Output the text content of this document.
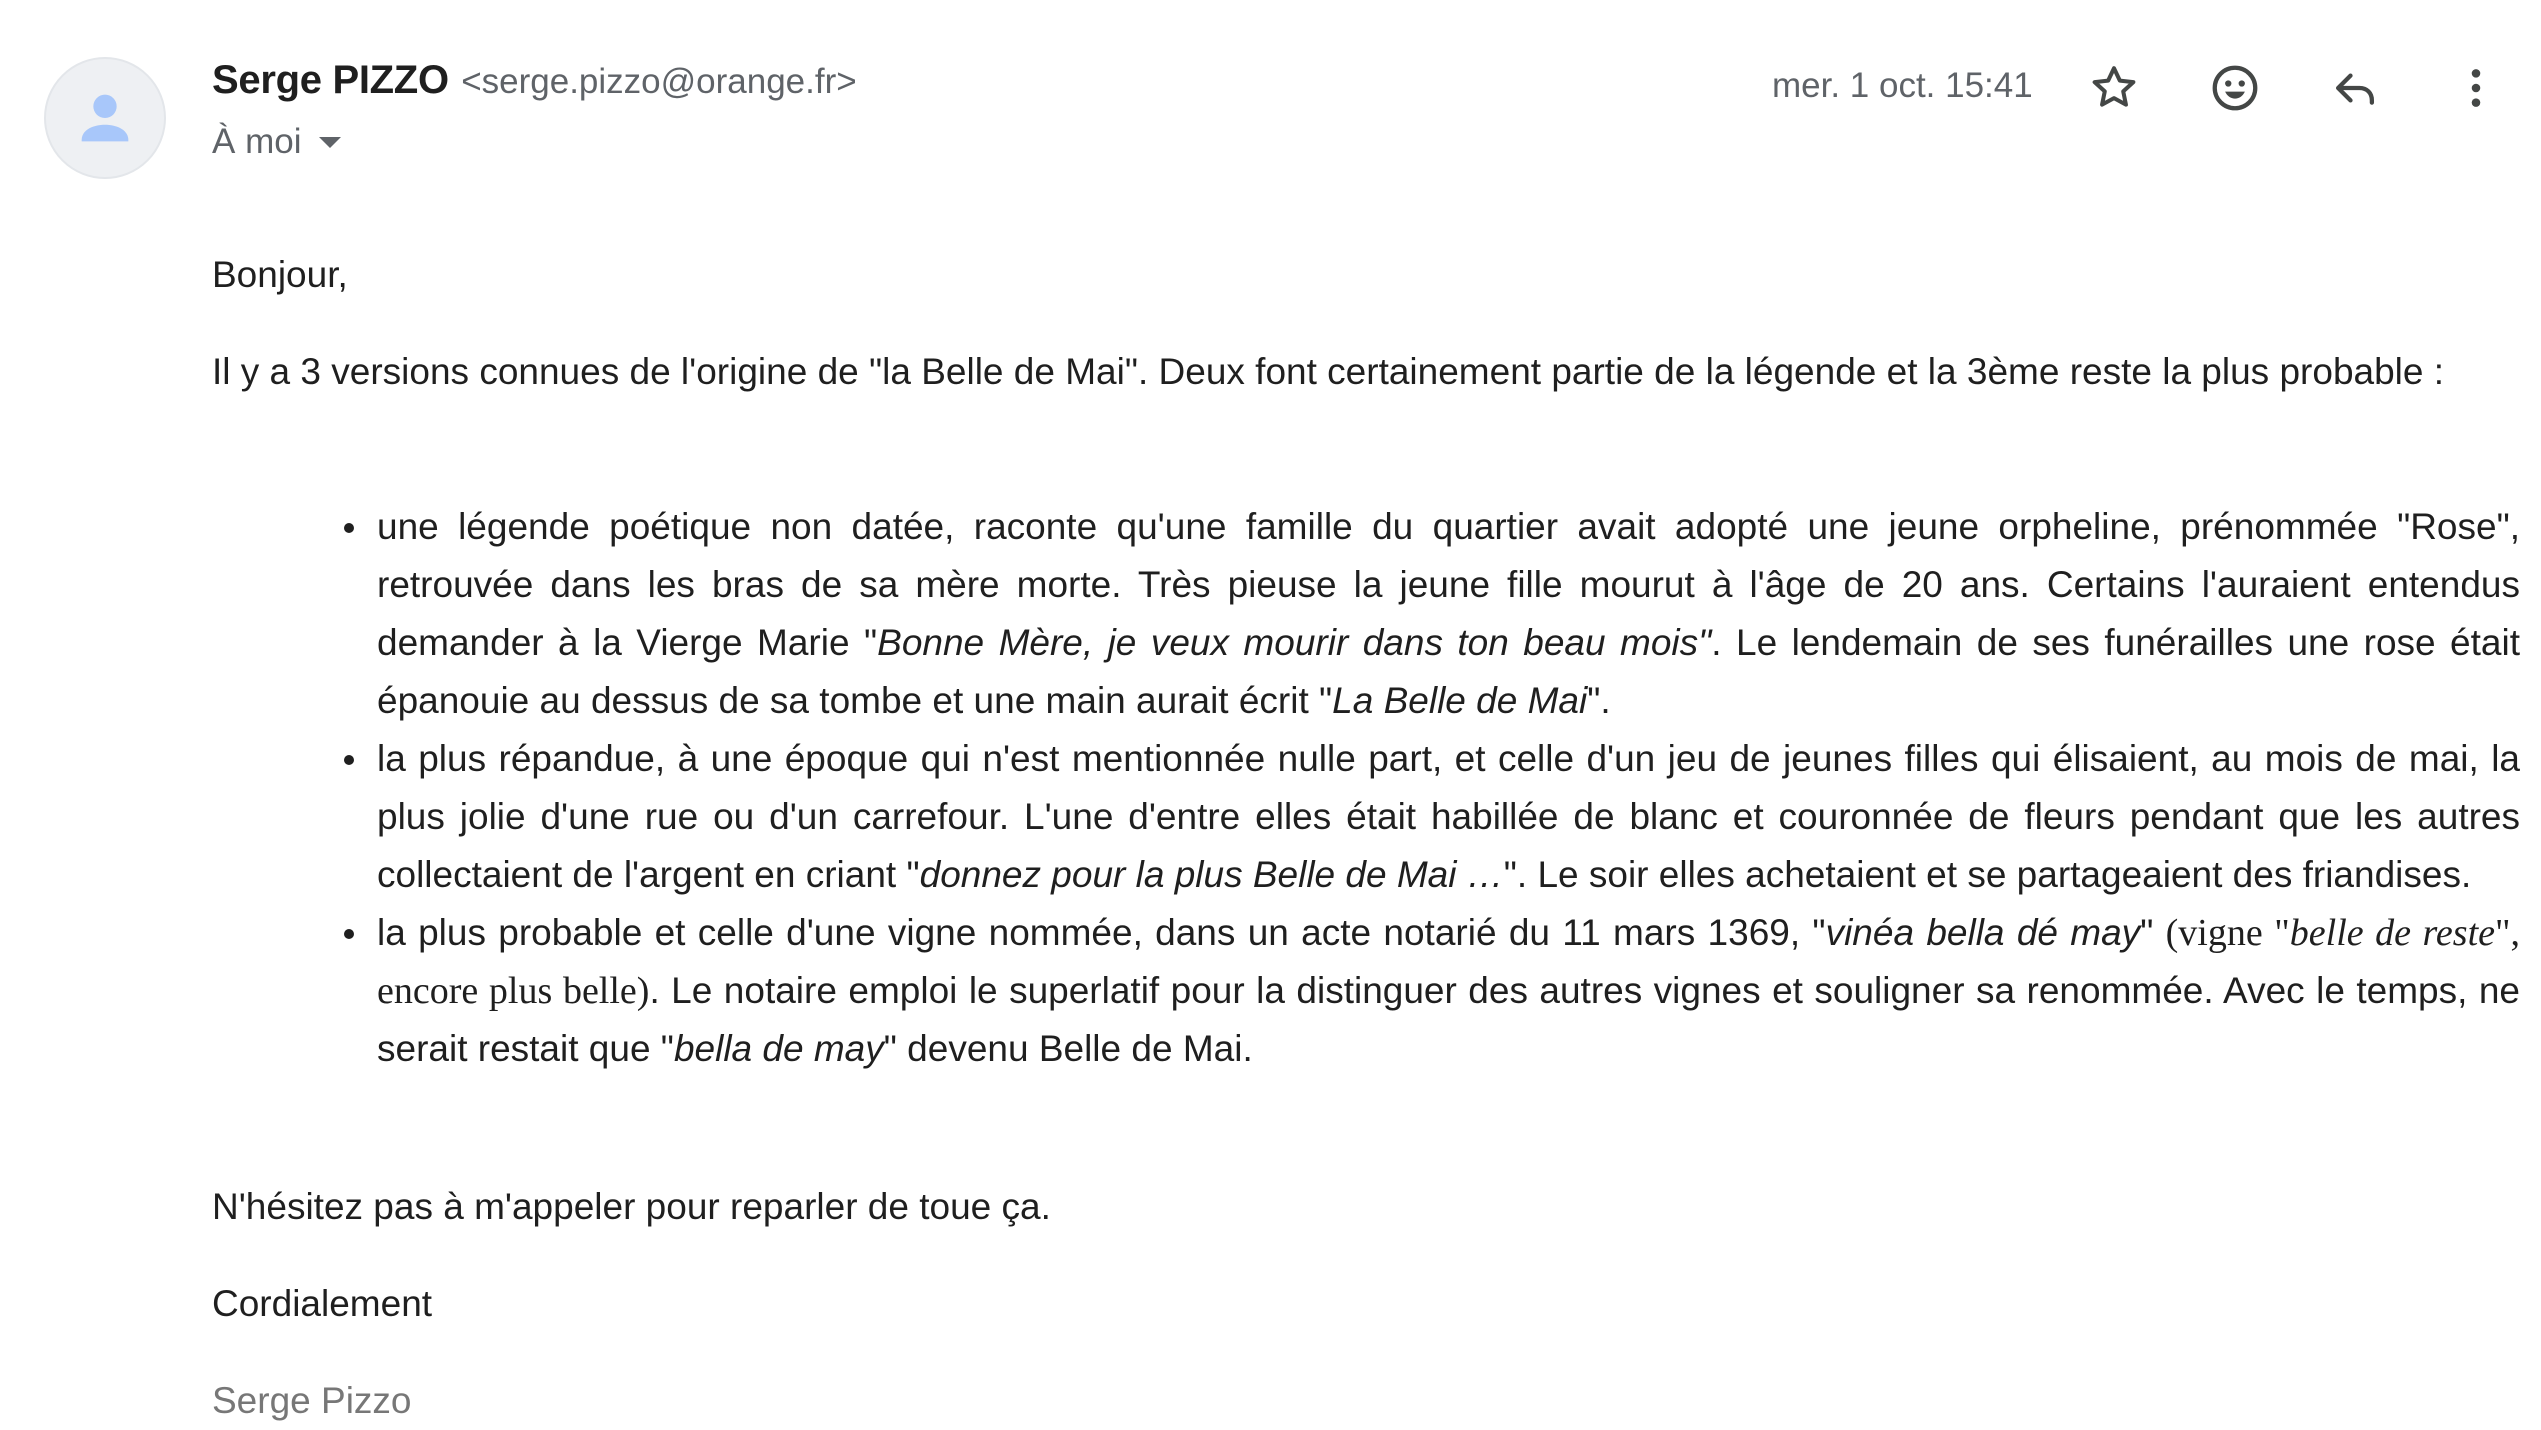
Serge PIZZO <serge.pizzo@orange.fr>
À moi
mer. 1 oct. 15:41

Bonjour,

Il y a 3 versions connues de l'origine de "la Belle de Mai". Deux font certainement partie de la légende et la 3ème reste la plus probable :

une légende poétique non datée, raconte qu'une famille du quartier avait adopté une jeune orpheline, prénommée "Rose", retrouvée dans les bras de sa mère morte. Très pieuse la jeune fille mourut à l'âge de 20 ans. Certains l'auraient entendus demander à la Vierge Marie "Bonne Mère, je veux mourir dans ton beau mois". Le lendemain de ses funérailles une rose était épanouie au dessus de sa tombe et une main aurait écrit "La Belle de Mai".
la plus répandue, à une époque qui n'est mentionnée nulle part, et celle d'un jeu de jeunes filles qui élisaient, au mois de mai, la plus jolie d'une rue ou d'un carrefour. L'une d'entre elles était habillée de blanc et couronnée de fleurs pendant que les autres collectaient de l'argent en criant "donnez pour la plus Belle de Mai …". Le soir elles achetaient et se partageaient des friandises.
la plus probable et celle d'une vigne nommée, dans un acte notarié du 11 mars 1369, "vinéa bella dé may" (vigne "belle de reste", encore plus belle). Le notaire emploi le superlatif pour la distinguer des autres vignes et souligner sa renommée. Avec le temps, ne serait restait que "bella de may" devenu Belle de Mai.

N'hésitez pas à m'appeler pour reparler de toue ça.

Cordialement

Serge Pizzo
